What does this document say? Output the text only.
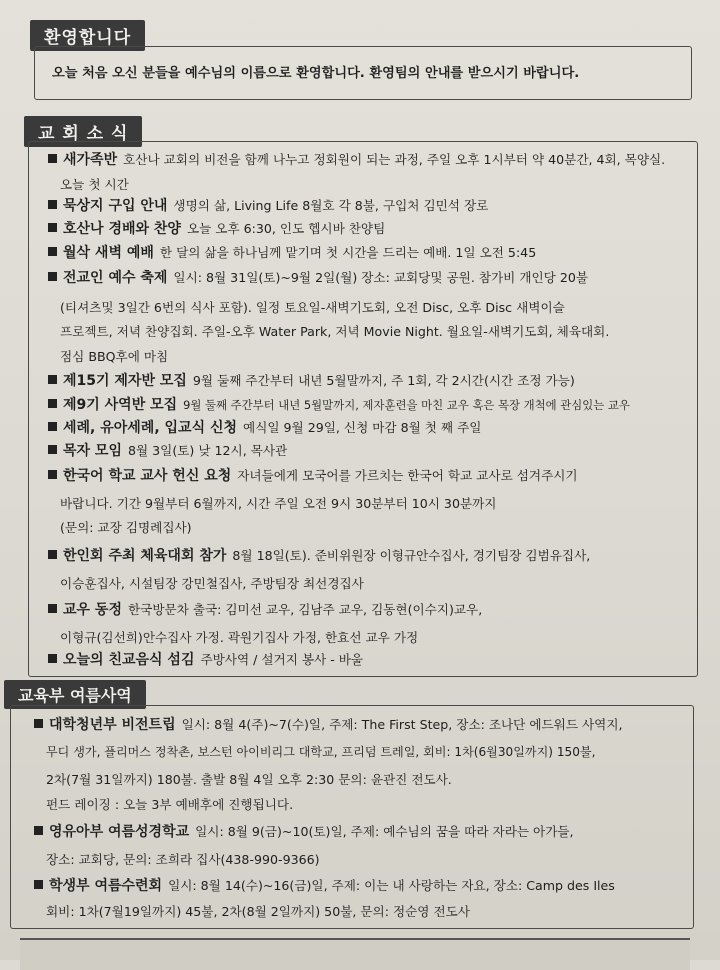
환영합니다
오늘 처음 오신 분들을 예수님의 이름으로 환영합니다. 환영팀의 안내를 받으시기 바랍니다.
교 회 소 식
새가족반 호산나 교회의 비전을 함께 나누고 정회원이 되는 과정, 주일 오후 1시부터 약 40분간, 4회, 목양실.
오늘 첫 시간
묵상지 구입 안내 생명의 삶, Living Life 8월호 각 8불, 구입처 김민석 장로
호산나 경배와 찬양 오늘 오후 6:30, 인도 헵시바 찬양팀
월삭 새벽 예배 한 달의 삶을 하나님께 맡기며 첫 시간을 드리는 예배. 1일 오전 5:45
전교인 예수 축제 일시: 8월 31일(토)~9월 2일(월) 장소: 교회당및 공원. 참가비 개인당 20불
(티셔츠및 3일간 6번의 식사 포함). 일정 토요일-새벽기도회, 오전 Disc, 오후 Disc 새벽이슬
프로젝트, 저녁 찬양집회. 주일-오후 Water Park, 저녁 Movie Night. 월요일-새벽기도회, 체육대회.
점심 BBQ후에 마침
제15기 제자반 모집 9월 둘째 주간부터 내년 5월말까지, 주 1회, 각 2시간(시간 조정 가능)
제9기 사역반 모집 9월 둘째 주간부터 내년 5월말까지, 제자훈련을 마친 교우 혹은 목장 개척에 관심있는 교우
세례, 유아세례, 입교식 신청 예식일 9월 29일, 신청 마감 8월 첫 째 주일
목자 모임 8월 3일(토) 낮 12시, 목사관
한국어 학교 교사 헌신 요청 자녀들에게 모국어를 가르치는 한국어 학교 교사로 섬겨주시기
바랍니다. 기간 9월부터 6월까지, 시간 주일 오전 9시 30분부터 10시 30분까지
(문의: 교장 김명례집사)
한인회 주최 체육대회 참가 8월 18일(토). 준비위원장 이형규안수집사, 경기팀장 김범유집사,
이승훈집사, 시설팀장 강민철집사, 주방팀장 최선경집사
교우 동정 한국방문차 출국: 김미선 교우, 김남주 교우, 김동현(이수지)교우,
이형규(김선희)안수집사 가정. 곽원기집사 가정, 한효선 교우 가정
오늘의 친교음식 섬김 주방사역 / 설거지 봉사 - 바울
교육부 여름사역
대학청년부 비전트립 일시: 8월 4(주)~7(수)일, 주제: The First Step, 장소: 조나단 에드워드 사역지,
무디 생가, 플리머스 정착촌, 보스턴 아이비리그 대학교, 프리덤 트레일, 회비: 1차(6월30일까지) 150불,
2차(7월 31일까지) 180불. 출발 8월 4일 오후 2:30 문의: 윤관진 전도사.
펀드 레이징 : 오늘 3부 예배후에 진행됩니다.
영유아부 여름성경학교 일시: 8월 9(금)~10(토)일, 주제: 예수님의 꿈을 따라 자라는 아가들,
장소: 교회당, 문의: 조희라 집사(438-990-9366)
학생부 여름수련회 일시: 8월 14(수)~16(금)일, 주제: 이는 내 사랑하는 자요, 장소: Camp des Iles
회비: 1차(7월19일까지) 45불, 2차(8월 2일까지) 50불, 문의: 정순영 전도사
